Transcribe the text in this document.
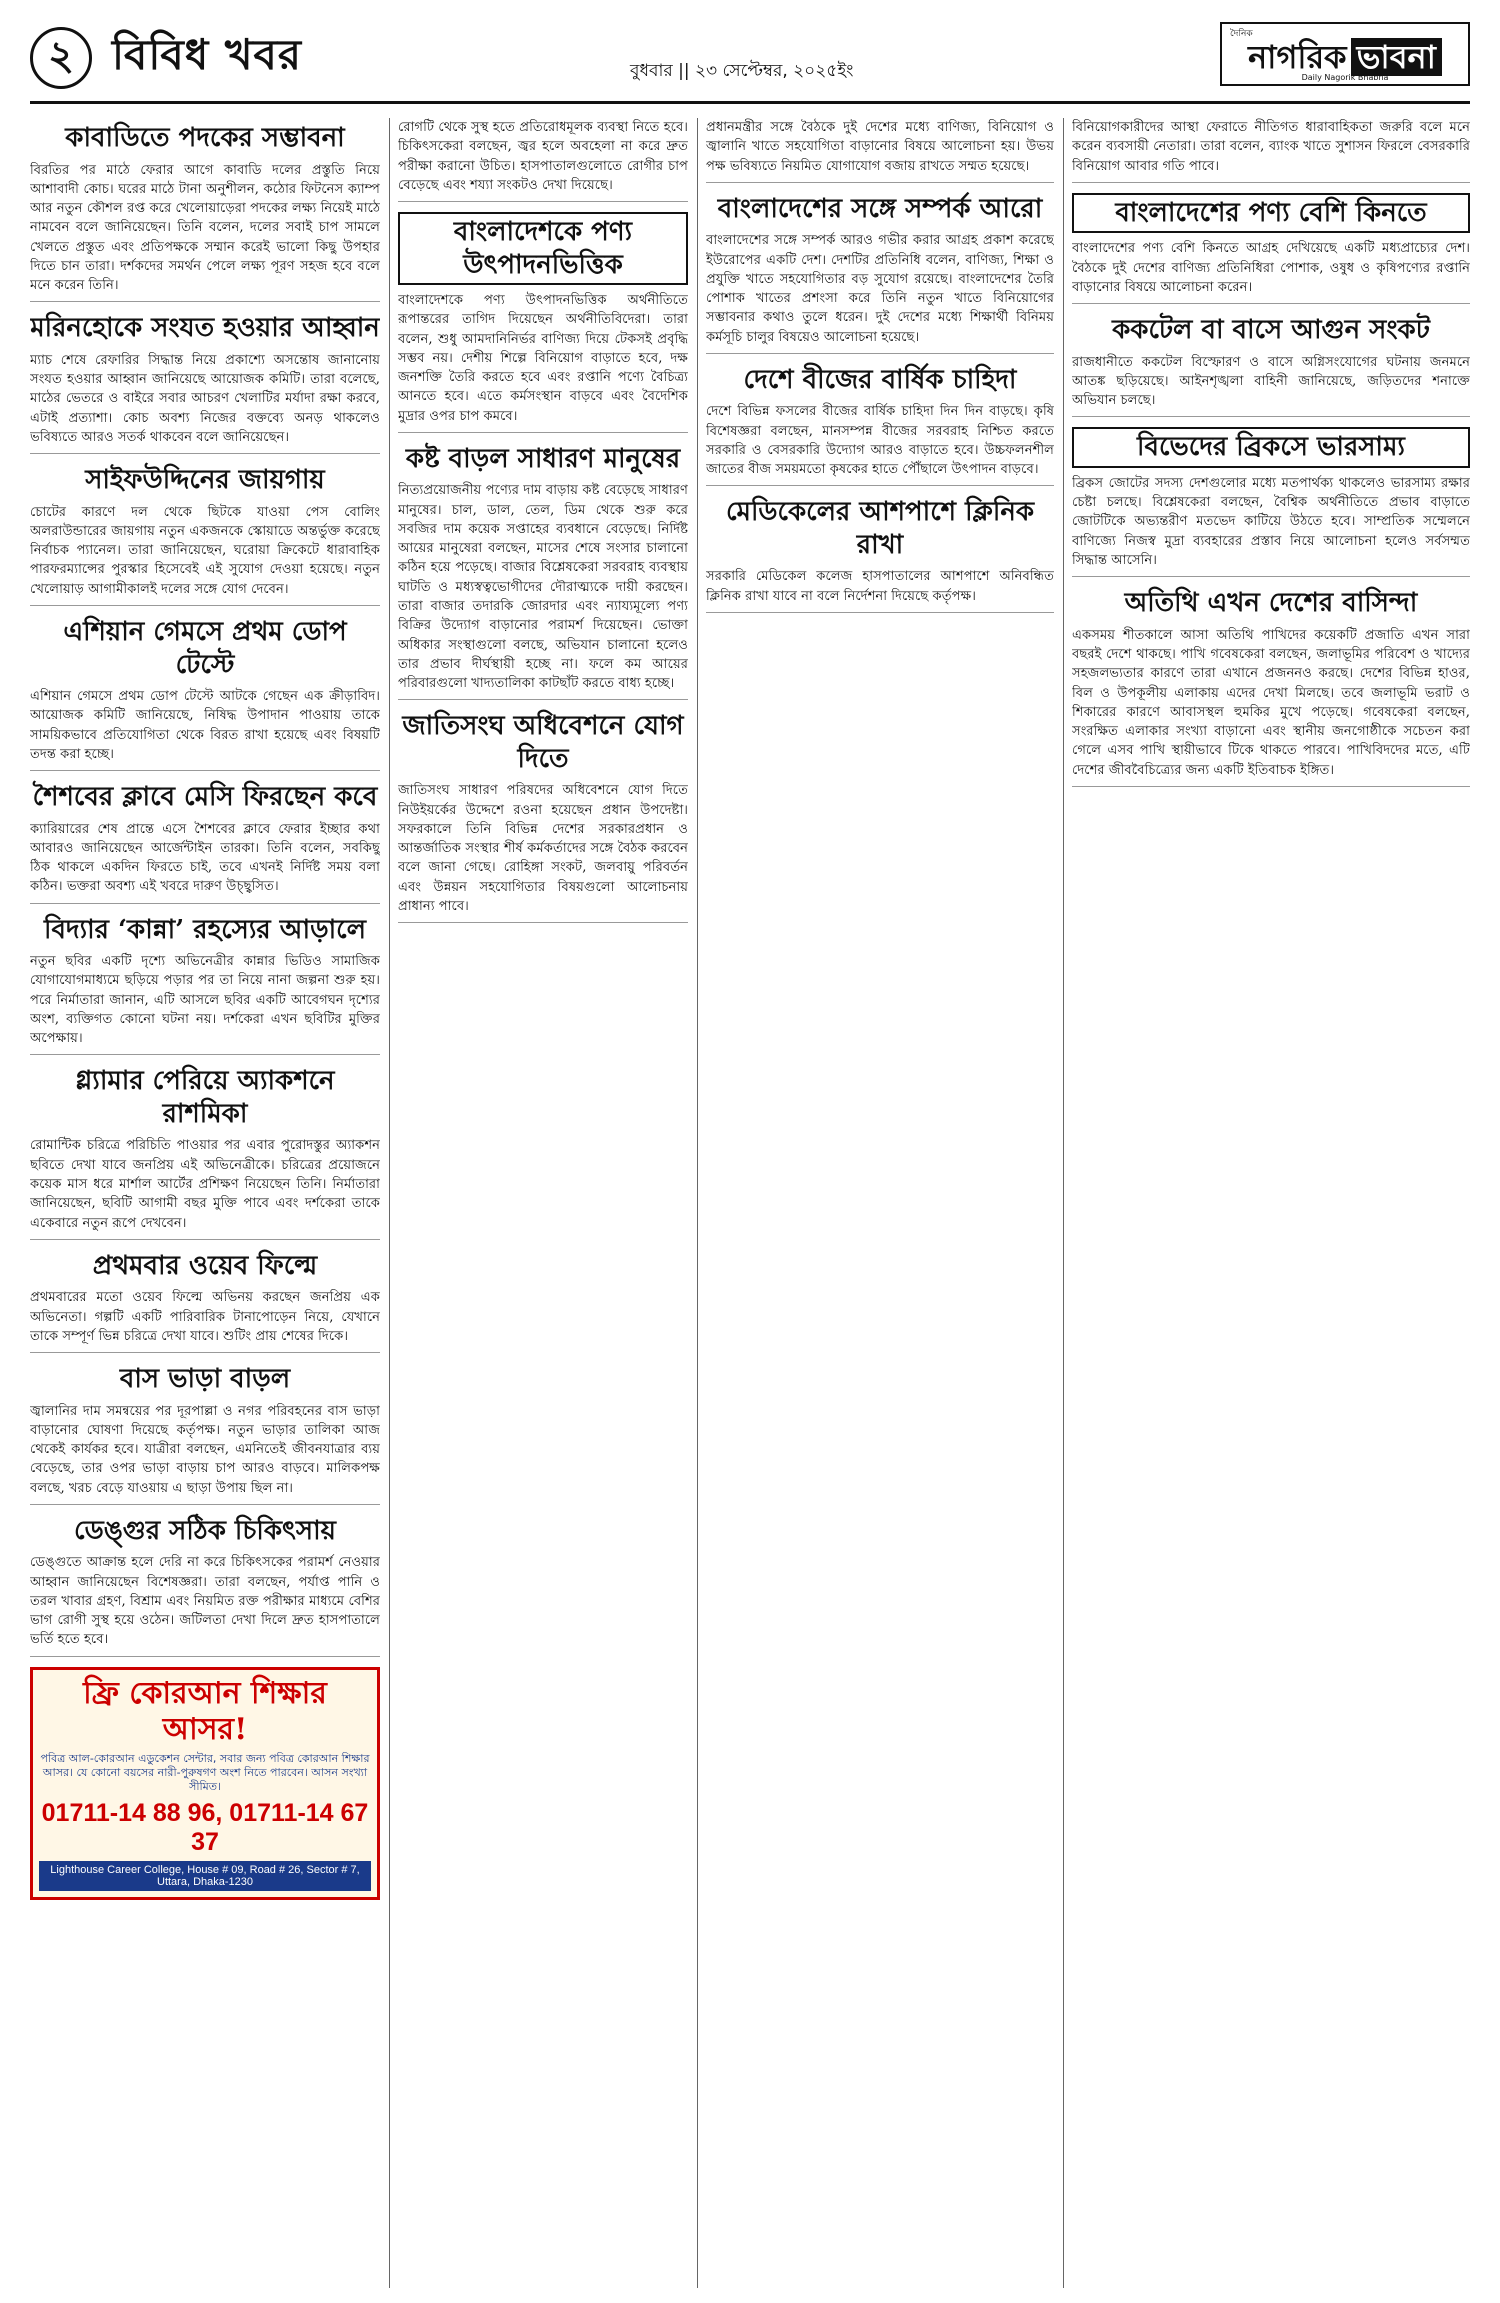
২ বিবিধ খবর	বুধবার || ২৩ সেপ্টেম্বর, ২০২৫ইং
দৈনিক
নাগরিক ভাবনা
Daily Nagorik Bhabna
কাবাডিতে পদকের সম্ভাবনা

বিরতির পর মাঠে ফেরার আগে কাবাডি দলের প্রস্তুতি নিয়ে আশাবাদী কোচ। ঘরের মাঠে টানা অনুশীলন, কঠোর ফিটনেস ক্যাম্প আর নতুন কৌশল রপ্ত করে খেলোয়াড়েরা পদকের লক্ষ্য নিয়েই মাঠে নামবেন বলে জানিয়েছেন। তিনি বলেন, দলের সবাই চাপ সামলে খেলতে প্রস্তুত এবং প্রতিপক্ষকে সম্মান করেই ভালো কিছু উপহার দিতে চান তারা। দর্শকদের সমর্থন পেলে লক্ষ্য পূরণ সহজ হবে বলে মনে করেন তিনি।

মরিনহোকে সংযত হওয়ার আহ্বান

ম্যাচ শেষে রেফারির সিদ্ধান্ত নিয়ে প্রকাশ্যে অসন্তোষ জানানোয় সংযত হওয়ার আহ্বান জানিয়েছে আয়োজক কমিটি। তারা বলেছে, মাঠের ভেতরে ও বাইরে সবার আচরণ খেলাটির মর্যাদা রক্ষা করবে, এটাই প্রত্যাশা। কোচ অবশ্য নিজের বক্তব্যে অনড় থাকলেও ভবিষ্যতে আরও সতর্ক থাকবেন বলে জানিয়েছেন।

সাইফউদ্দিনের জায়গায়

চোটের কারণে দল থেকে ছিটকে যাওয়া পেস বোলিং অলরাউন্ডারের জায়গায় নতুন একজনকে স্কোয়াডে অন্তর্ভুক্ত করেছে নির্বাচক প্যানেল। তারা জানিয়েছেন, ঘরোয়া ক্রিকেটে ধারাবাহিক পারফরম্যান্সের পুরস্কার হিসেবেই এই সুযোগ দেওয়া হয়েছে। নতুন খেলোয়াড় আগামীকালই দলের সঙ্গে যোগ দেবেন।

এশিয়ান গেমসে প্রথম ডোপ টেস্টে

এশিয়ান গেমসে প্রথম ডোপ টেস্টে আটকে গেছেন এক ক্রীড়াবিদ। আয়োজক কমিটি জানিয়েছে, নিষিদ্ধ উপাদান পাওয়ায় তাকে সাময়িকভাবে প্রতিযোগিতা থেকে বিরত রাখা হয়েছে এবং বিষয়টি তদন্ত করা হচ্ছে।

শৈশবের ক্লাবে মেসি ফিরছেন কবে

ক্যারিয়ারের শেষ প্রান্তে এসে শৈশবের ক্লাবে ফেরার ইচ্ছার কথা আবারও জানিয়েছেন আর্জেন্টাইন তারকা। তিনি বলেন, সবকিছু ঠিক থাকলে একদিন ফিরতে চাই, তবে এখনই নির্দিষ্ট সময় বলা কঠিন। ভক্তরা অবশ্য এই খবরে দারুণ উচ্ছ্বসিত।

বিদ্যার ‘কান্না’ রহস্যের আড়ালে

নতুন ছবির একটি দৃশ্যে অভিনেত্রীর কান্নার ভিডিও সামাজিক যোগাযোগমাধ্যমে ছড়িয়ে পড়ার পর তা নিয়ে নানা জল্পনা শুরু হয়। পরে নির্মাতারা জানান, এটি আসলে ছবির একটি আবেগঘন দৃশ্যের অংশ, ব্যক্তিগত কোনো ঘটনা নয়। দর্শকেরা এখন ছবিটির মুক্তির অপেক্ষায়।

গ্ল্যামার পেরিয়ে অ্যাকশনে রাশমিকা

রোমান্টিক চরিত্রে পরিচিতি পাওয়ার পর এবার পুরোদস্তুর অ্যাকশন ছবিতে দেখা যাবে জনপ্রিয় এই অভিনেত্রীকে। চরিত্রের প্রয়োজনে কয়েক মাস ধরে মার্শাল আর্টের প্রশিক্ষণ নিয়েছেন তিনি। নির্মাতারা জানিয়েছেন, ছবিটি আগামী বছর মুক্তি পাবে এবং দর্শকেরা তাকে একেবারে নতুন রূপে দেখবেন।

প্রথমবার ওয়েব ফিল্মে

প্রথমবারের মতো ওয়েব ফিল্মে অভিনয় করছেন জনপ্রিয় এক অভিনেতা। গল্পটি একটি পারিবারিক টানাপোড়েন নিয়ে, যেখানে তাকে সম্পূর্ণ ভিন্ন চরিত্রে দেখা যাবে। শুটিং প্রায় শেষের দিকে।

বাস ভাড়া বাড়ল

জ্বালানির দাম সমন্বয়ের পর দূরপাল্লা ও নগর পরিবহনের বাস ভাড়া বাড়ানোর ঘোষণা দিয়েছে কর্তৃপক্ষ। নতুন ভাড়ার তালিকা আজ থেকেই কার্যকর হবে। যাত্রীরা বলছেন, এমনিতেই জীবনযাত্রার ব্যয় বেড়েছে, তার ওপর ভাড়া বাড়ায় চাপ আরও বাড়বে। মালিকপক্ষ বলছে, খরচ বেড়ে যাওয়ায় এ ছাড়া উপায় ছিল না।

ডেঙ্গুর সঠিক চিকিৎসায়

ডেঙ্গুতে আক্রান্ত হলে দেরি না করে চিকিৎসকের পরামর্শ নেওয়ার আহ্বান জানিয়েছেন বিশেষজ্ঞরা। তারা বলছেন, পর্যাপ্ত পানি ও তরল খাবার গ্রহণ, বিশ্রাম এবং নিয়মিত রক্ত পরীক্ষার মাধ্যমে বেশির ভাগ রোগী সুস্থ হয়ে ওঠেন। জটিলতা দেখা দিলে দ্রুত হাসপাতালে ভর্তি হতে হবে।

ফ্রি কোরআন শিক্ষার আসর!
পবিত্র আল-কোরআন এডুকেশন সেন্টার, সবার জন্য পবিত্র কোরআন শিক্ষার আসর। যে কোনো বয়সের নারী-পুরুষগণ অংশ নিতে পারবেন। আসন সংখ্যা সীমিত।
01711-14 88 96, 01711-14 67 37
Lighthouse Career College, House # 09, Road # 26, Sector # 7, Uttara, Dhaka-1230

রোগটি থেকে সুস্থ হতে প্রতিরোধমূলক ব্যবস্থা নিতে হবে। চিকিৎসকেরা বলছেন, জ্বর হলে অবহেলা না করে দ্রুত পরীক্ষা করানো উচিত। হাসপাতালগুলোতে রোগীর চাপ বেড়েছে এবং শয্যা সংকটও দেখা দিয়েছে।

বাংলাদেশকে পণ্য উৎপাদনভিত্তিক

বাংলাদেশকে পণ্য উৎপাদনভিত্তিক অর্থনীতিতে রূপান্তরের তাগিদ দিয়েছেন অর্থনীতিবিদেরা। তারা বলেন, শুধু আমদানিনির্ভর বাণিজ্য দিয়ে টেকসই প্রবৃদ্ধি সম্ভব নয়। দেশীয় শিল্পে বিনিয়োগ বাড়াতে হবে, দক্ষ জনশক্তি তৈরি করতে হবে এবং রপ্তানি পণ্যে বৈচিত্র্য আনতে হবে। এতে কর্মসংস্থান বাড়বে এবং বৈদেশিক মুদ্রার ওপর চাপ কমবে।

কষ্ট বাড়ল সাধারণ মানুষের

নিত্যপ্রয়োজনীয় পণ্যের দাম বাড়ায় কষ্ট বেড়েছে সাধারণ মানুষের। চাল, ডাল, তেল, ডিম থেকে শুরু করে সবজির দাম কয়েক সপ্তাহের ব্যবধানে বেড়েছে। নির্দিষ্ট আয়ের মানুষেরা বলছেন, মাসের শেষে সংসার চালানো কঠিন হয়ে পড়েছে। বাজার বিশ্লেষকেরা সরবরাহ ব্যবস্থায় ঘাটতি ও মধ্যস্বত্বভোগীদের দৌরাত্ম্যকে দায়ী করছেন। তারা বাজার তদারকি জোরদার এবং ন্যায্যমূল্যে পণ্য বিক্রির উদ্যোগ বাড়ানোর পরামর্শ দিয়েছেন। ভোক্তা অধিকার সংস্থাগুলো বলছে, অভিযান চালানো হলেও তার প্রভাব দীর্ঘস্থায়ী হচ্ছে না। ফলে কম আয়ের পরিবারগুলো খাদ্যতালিকা কাটছাঁট করতে বাধ্য হচ্ছে।

জাতিসংঘ অধিবেশনে যোগ দিতে

জাতিসংঘ সাধারণ পরিষদের অধিবেশনে যোগ দিতে নিউইয়র্কের উদ্দেশে রওনা হয়েছেন প্রধান উপদেষ্টা। সফরকালে তিনি বিভিন্ন দেশের সরকারপ্রধান ও আন্তর্জাতিক সংস্থার শীর্ষ কর্মকর্তাদের সঙ্গে বৈঠক করবেন বলে জানা গেছে। রোহিঙ্গা সংকট, জলবায়ু পরিবর্তন এবং উন্নয়ন সহযোগিতার বিষয়গুলো আলোচনায় প্রাধান্য পাবে।

প্রধানমন্ত্রীর সঙ্গে বৈঠকে দুই দেশের মধ্যে বাণিজ্য, বিনিয়োগ ও জ্বালানি খাতে সহযোগিতা বাড়ানোর বিষয়ে আলোচনা হয়। উভয় পক্ষ ভবিষ্যতে নিয়মিত যোগাযোগ বজায় রাখতে সম্মত হয়েছে।

বাংলাদেশের সঙ্গে সম্পর্ক আরো

বাংলাদেশের সঙ্গে সম্পর্ক আরও গভীর করার আগ্রহ প্রকাশ করেছে ইউরোপের একটি দেশ। দেশটির প্রতিনিধি বলেন, বাণিজ্য, শিক্ষা ও প্রযুক্তি খাতে সহযোগিতার বড় সুযোগ রয়েছে। বাংলাদেশের তৈরি পোশাক খাতের প্রশংসা করে তিনি নতুন খাতে বিনিয়োগের সম্ভাবনার কথাও তুলে ধরেন। দুই দেশের মধ্যে শিক্ষার্থী বিনিময় কর্মসূচি চালুর বিষয়েও আলোচনা হয়েছে।

দেশে বীজের বার্ষিক চাহিদা

দেশে বিভিন্ন ফসলের বীজের বার্ষিক চাহিদা দিন দিন বাড়ছে। কৃষি বিশেষজ্ঞরা বলছেন, মানসম্পন্ন বীজের সরবরাহ নিশ্চিত করতে সরকারি ও বেসরকারি উদ্যোগ আরও বাড়াতে হবে। উচ্চফলনশীল জাতের বীজ সময়মতো কৃষকের হাতে পৌঁছালে উৎপাদন বাড়বে।

মেডিকেলের আশপাশে ক্লিনিক রাখা

সরকারি মেডিকেল কলেজ হাসপাতালের আশপাশে অনিবন্ধিত ক্লিনিক রাখা যাবে না বলে নির্দেশনা দিয়েছে কর্তৃপক্ষ।

বিনিয়োগকারীদের আস্থা ফেরাতে নীতিগত ধারাবাহিকতা জরুরি বলে মনে করেন ব্যবসায়ী নেতারা। তারা বলেন, ব্যাংক খাতে সুশাসন ফিরলে বেসরকারি বিনিয়োগ আবার গতি পাবে।

বাংলাদেশের পণ্য বেশি কিনতে

বাংলাদেশের পণ্য বেশি কিনতে আগ্রহ দেখিয়েছে একটি মধ্যপ্রাচ্যের দেশ। বৈঠকে দুই দেশের বাণিজ্য প্রতিনিধিরা পোশাক, ওষুধ ও কৃষিপণ্যের রপ্তানি বাড়ানোর বিষয়ে আলোচনা করেন।

ককটেল বা বাসে আগুন সংকট

রাজধানীতে ককটেল বিস্ফোরণ ও বাসে অগ্নিসংযোগের ঘটনায় জনমনে আতঙ্ক ছড়িয়েছে। আইনশৃঙ্খলা বাহিনী জানিয়েছে, জড়িতদের শনাক্তে অভিযান চলছে।

বিভেদের ব্রিকসে ভারসাম্য

ব্রিকস জোটের সদস্য দেশগুলোর মধ্যে মতপার্থক্য থাকলেও ভারসাম্য রক্ষার চেষ্টা চলছে। বিশ্লেষকেরা বলছেন, বৈশ্বিক অর্থনীতিতে প্রভাব বাড়াতে জোটটিকে অভ্যন্তরীণ মতভেদ কাটিয়ে উঠতে হবে। সাম্প্রতিক সম্মেলনে বাণিজ্যে নিজস্ব মুদ্রা ব্যবহারের প্রস্তাব নিয়ে আলোচনা হলেও সর্বসম্মত সিদ্ধান্ত আসেনি।

অতিথি এখন দেশের বাসিন্দা

একসময় শীতকালে আসা অতিথি পাখিদের কয়েকটি প্রজাতি এখন সারা বছরই দেশে থাকছে। পাখি গবেষকেরা বলছেন, জলাভূমির পরিবেশ ও খাদ্যের সহজলভ্যতার কারণে তারা এখানে প্রজননও করছে। দেশের বিভিন্ন হাওর, বিল ও উপকূলীয় এলাকায় এদের দেখা মিলছে। তবে জলাভূমি ভরাট ও শিকারের কারণে আবাসস্থল হুমকির মুখে পড়েছে। গবেষকেরা বলছেন, সংরক্ষিত এলাকার সংখ্যা বাড়ানো এবং স্থানীয় জনগোষ্ঠীকে সচেতন করা গেলে এসব পাখি স্থায়ীভাবে টিকে থাকতে পারবে। পাখিবিদদের মতে, এটি দেশের জীববৈচিত্র্যের জন্য একটি ইতিবাচক ইঙ্গিত।
